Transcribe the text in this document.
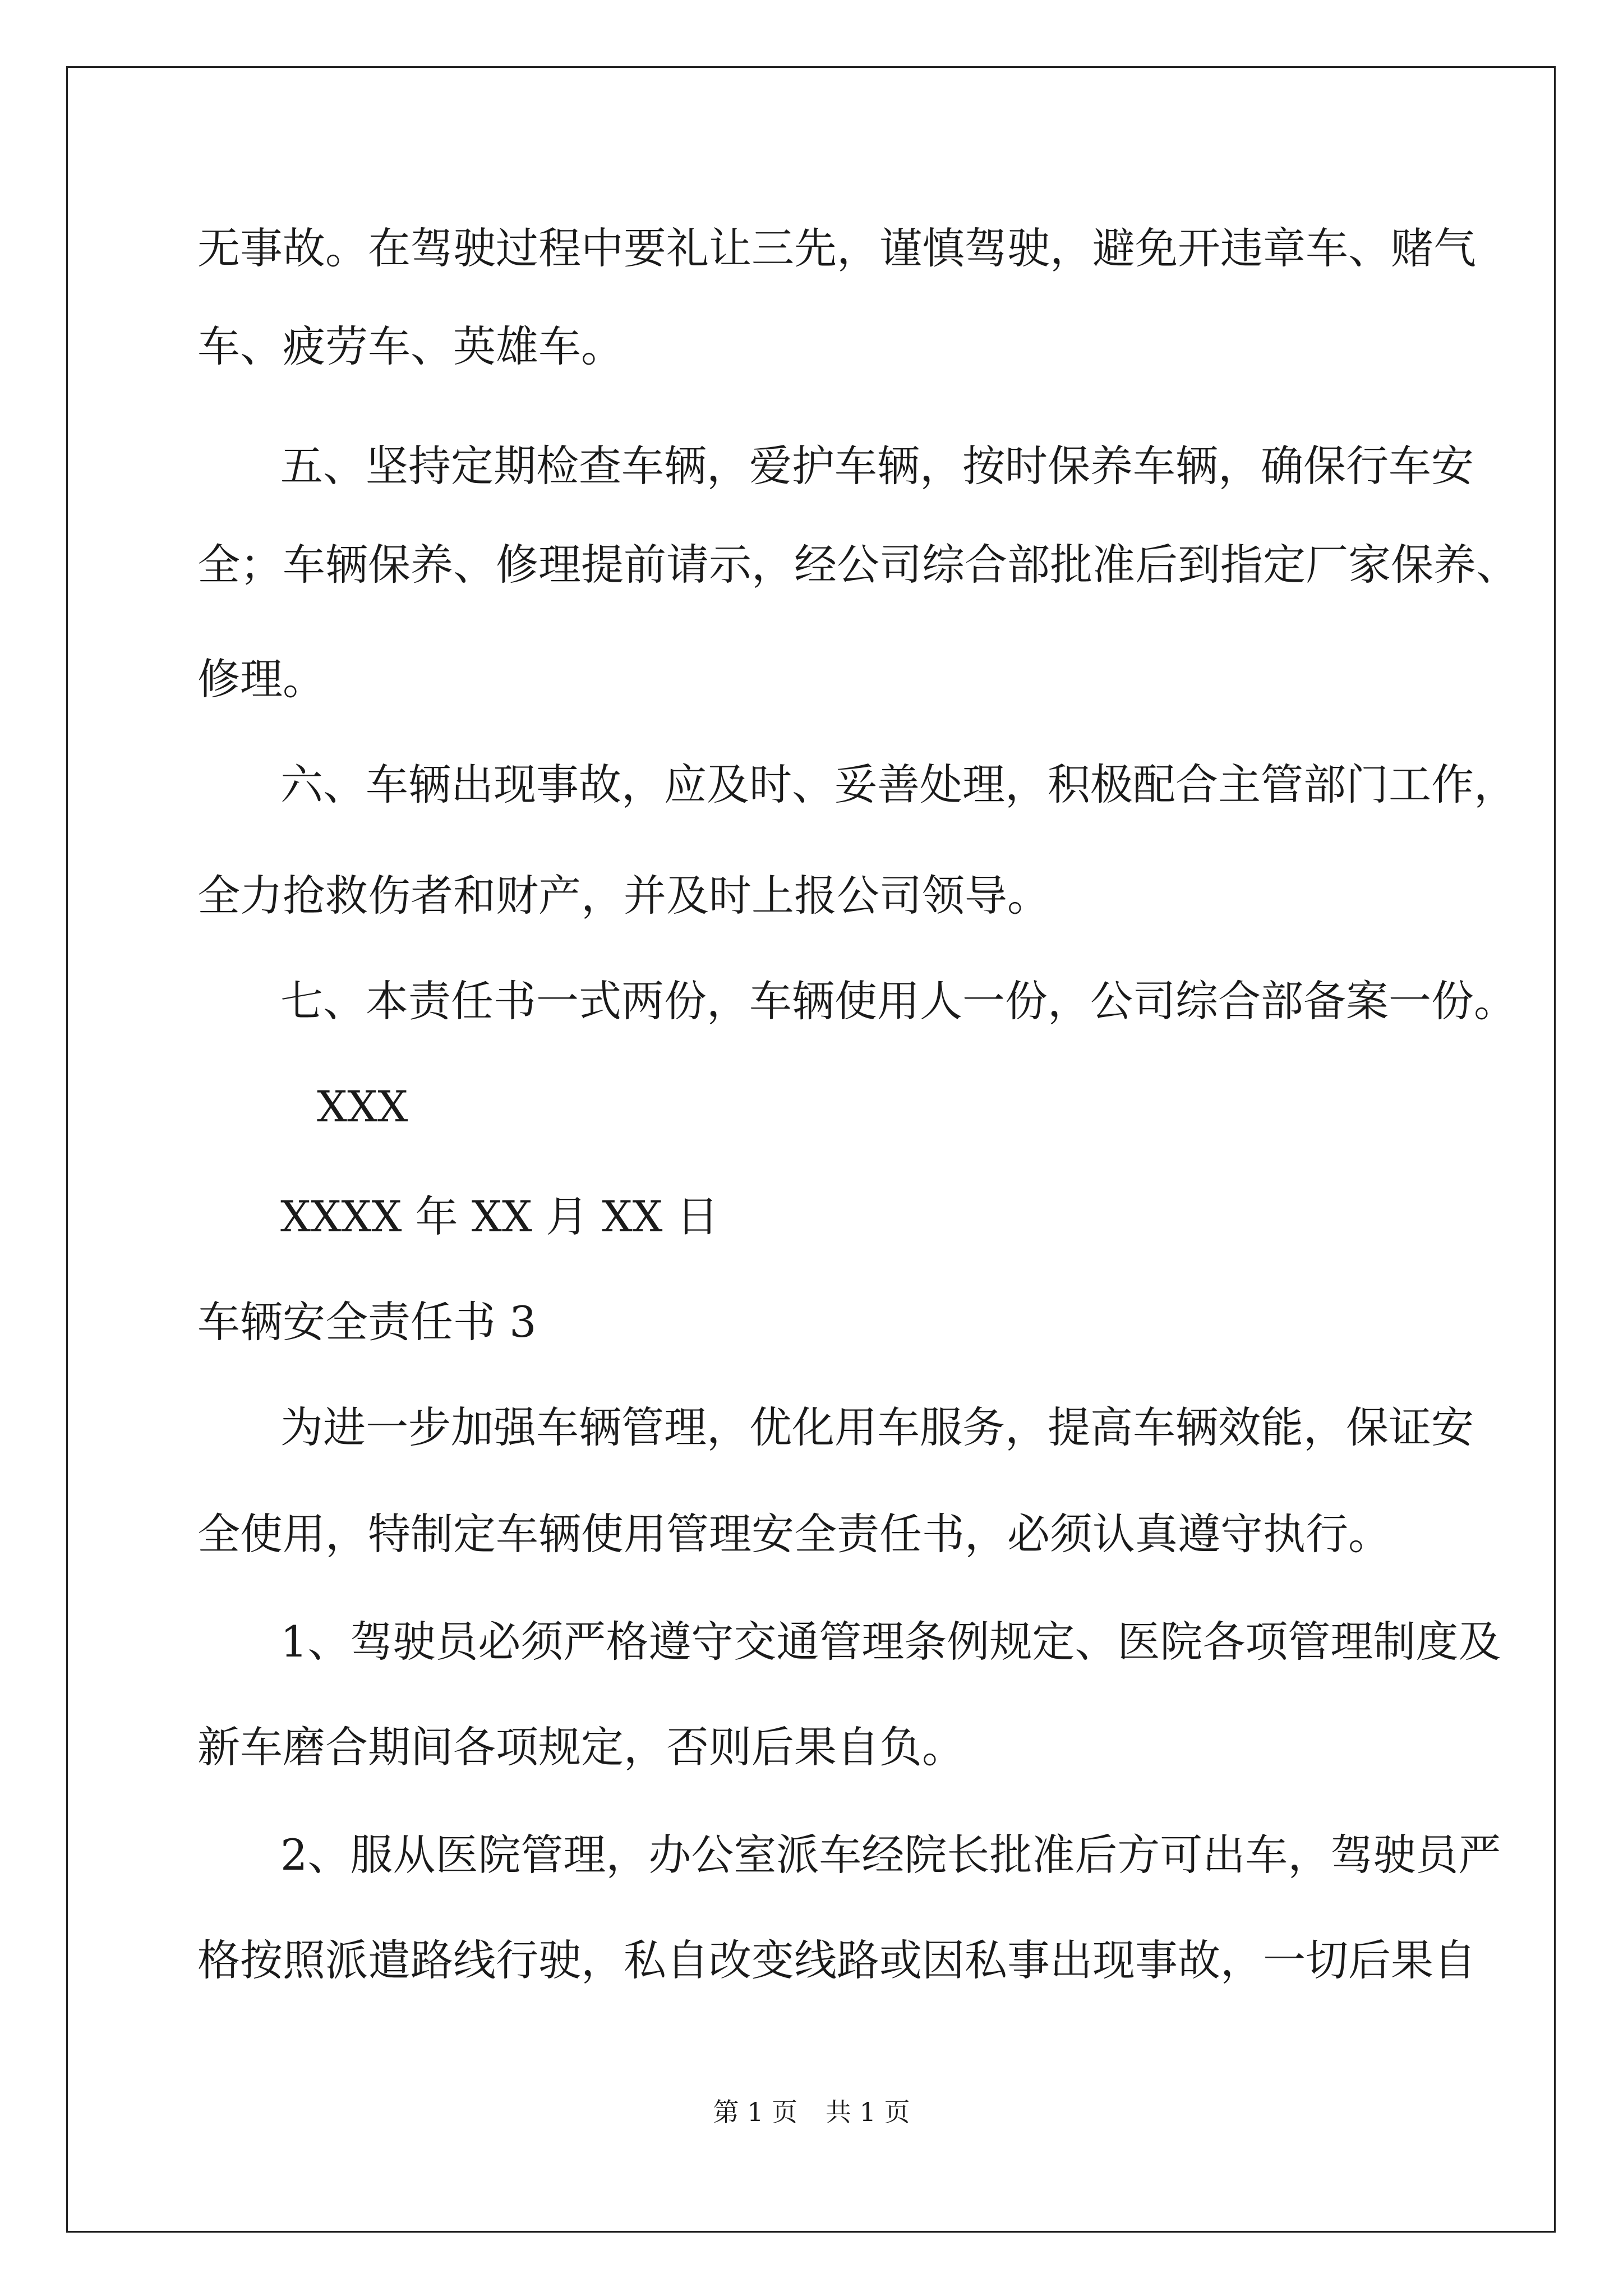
无事故。在驾驶过程中要礼让三先，谨慎驾驶，避免开违章车、赌气
车、疲劳车、英雄车。
五、坚持定期检查车辆，爱护车辆，按时保养车辆，确保行车安
全；车辆保养、修理提前请示，经公司综合部批准后到指定厂家保养、
修理。
六、车辆出现事故，应及时、妥善处理，积极配合主管部门工作，
全力抢救伤者和财产，并及时上报公司领导。
七、本责任书一式两份，车辆使用人一份，公司综合部备案一份。
XXX
XXXX 年 XX 月 XX 日
车辆安全责任书 3
为进一步加强车辆管理，优化用车服务，提高车辆效能，保证安
全使用，特制定车辆使用管理安全责任书，必须认真遵守执行。
1、驾驶员必须严格遵守交通管理条例规定、医院各项管理制度及
新车磨合期间各项规定，否则后果自负。
2、服从医院管理，办公室派车经院长批准后方可出车，驾驶员严
格按照派遣路线行驶，私自改变线路或因私事出现事故，一切后果自
第 1 页 共 1 页
